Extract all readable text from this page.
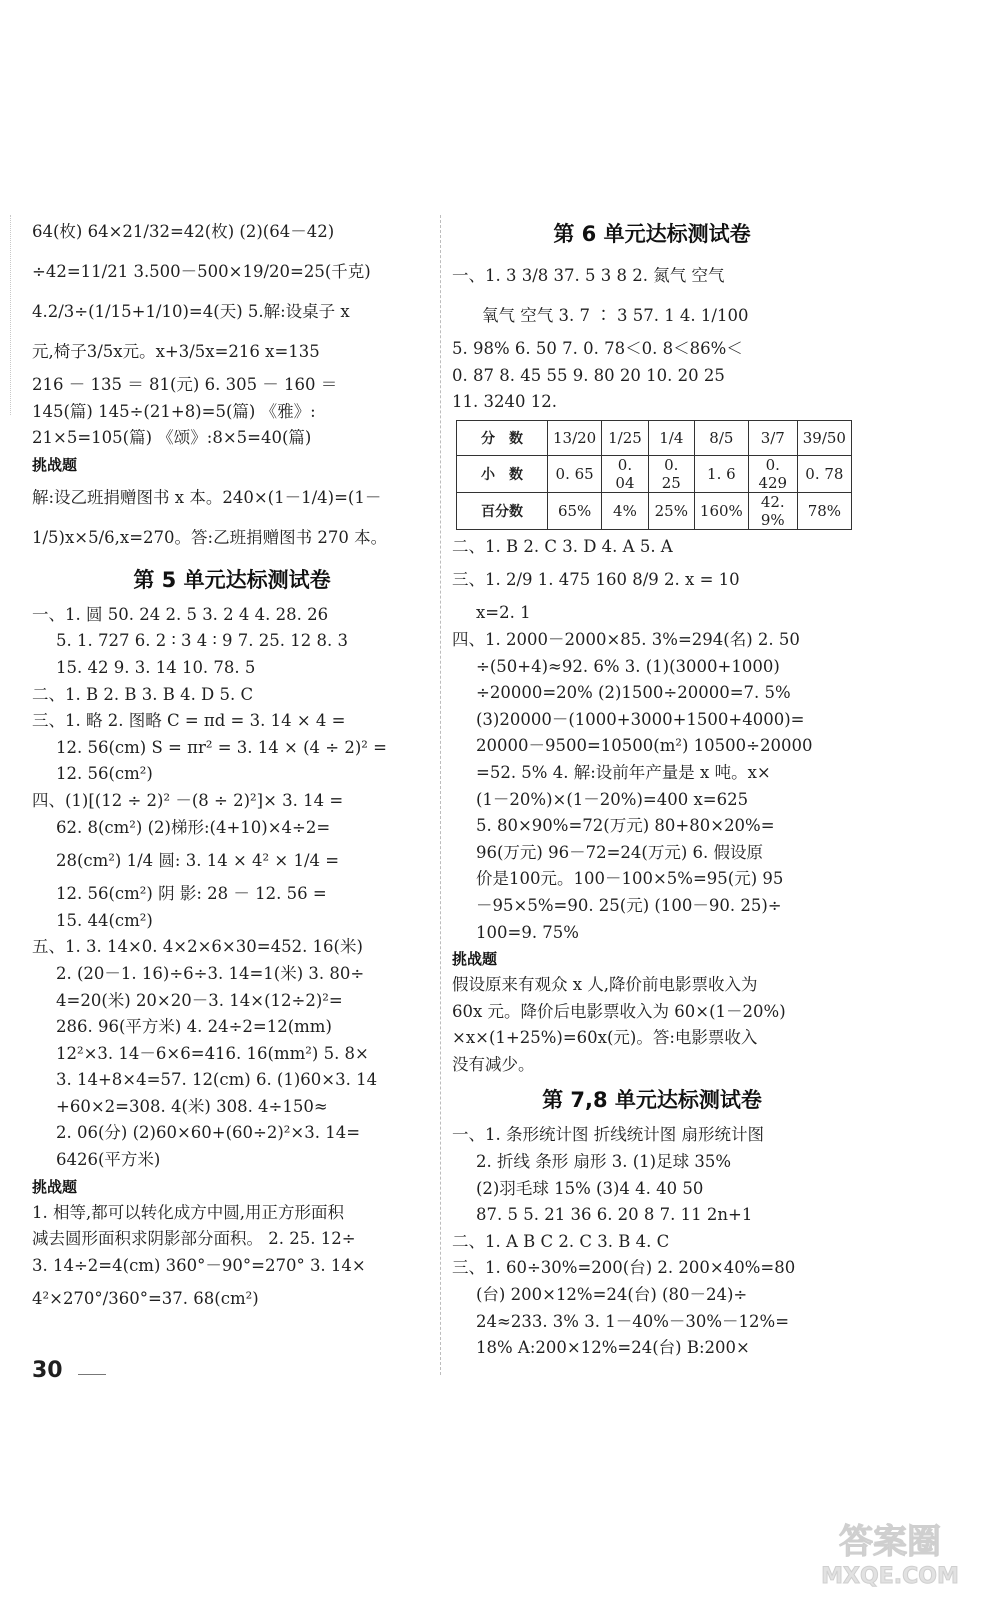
64(枚) 64×21/32=42(枚) (2)(64－42)
÷42=11/21 3.500－500×19/20=25(千克)
4.2/3÷(1/15+1/10)=4(天) 5.解:设桌子 x
元,椅子3/5x元。x+3/5x=216 x=135
216 － 135 ＝ 81(元) 6. 305 － 160 ＝
145(篇) 145÷(21+8)=5(篇) 《雅》:
21×5=105(篇) 《颂》:8×5=40(篇)
挑战题
解:设乙班捐赠图书 x 本。240×(1－1/4)=(1－
1/5)x×5/6,x=270。答:乙班捐赠图书 270 本。
第 5 单元达标测试卷
一、1. 圆 50. 24 2. 5 3. 2 4 4. 28. 26
5. 1. 727 6. 2 ∶ 3 4 ∶ 9 7. 25. 12 8. 3
15. 42 9. 3. 14 10. 78. 5
二、1. B 2. B 3. B 4. D 5. C
三、1. 略 2. 图略 C = πd = 3. 14 × 4 =
12. 56(cm) S = πr² = 3. 14 × (4 ÷ 2)² =
12. 56(cm²)
四、(1)[(12 ÷ 2)² －(8 ÷ 2)²]× 3. 14 =
62. 8(cm²) (2)梯形:(4+10)×4÷2=
28(cm²) 1/4 圆: 3. 14 × 4² × 1/4 =
12. 56(cm²) 阴 影: 28 － 12. 56 =
15. 44(cm²)
五、1. 3. 14×0. 4×2×6×30=452. 16(米)
2. (20－1. 16)÷6÷3. 14=1(米) 3. 80÷
4=20(米) 20×20－3. 14×(12÷2)²=
286. 96(平方米) 4. 24÷2=12(mm)
12²×3. 14－6×6=416. 16(mm²) 5. 8×
3. 14+8×4=57. 12(cm) 6. (1)60×3. 14
+60×2=308. 4(米) 308. 4÷150≈
2. 06(分) (2)60×60+(60÷2)²×3. 14=
6426(平方米)
挑战题
1. 相等,都可以转化成方中圆,用正方形面积
减去圆形面积求阴影部分面积。 2. 25. 12÷
3. 14÷2=4(cm) 360°－90°=270° 3. 14×
4²×270°/360°=37. 68(cm²)
第 6 单元达标测试卷
一、1. 3 3/8 37. 5 3 8 2. 氮气 空气
氧气 空气 3. 7 ∶ 3 57. 1 4. 1/100
5. 98% 6. 50 7. 0. 78＜0. 8＜86%＜
0. 87 8. 45 55 9. 80 20 10. 20 25
11. 3240 12.
分　数	13/20	1/25	1/4	8/5	3/7	39/50
小　数	0. 65	0. 04	0. 25	1. 6	0. 429	0. 78
百分数	65%	4%	25%	160%	42. 9%	78%
二、1. B 2. C 3. D 4. A 5. A
三、1. 2/9 1. 475 160 8/9 2. x = 10
x=2. 1
四、1. 2000－2000×85. 3%=294(名) 2. 50
÷(50+4)≈92. 6% 3. (1)(3000+1000)
÷20000=20% (2)1500÷20000=7. 5%
(3)20000－(1000+3000+1500+4000)=
20000－9500=10500(m²) 10500÷20000
=52. 5% 4. 解:设前年产量是 x 吨。x×
(1－20%)×(1－20%)=400 x=625
5. 80×90%=72(万元) 80+80×20%=
96(万元) 96－72=24(万元) 6. 假设原
价是100元。100－100×5%=95(元) 95
－95×5%=90. 25(元) (100－90. 25)÷
100=9. 75%
挑战题
假设原来有观众 x 人,降价前电影票收入为
60x 元。降价后电影票收入为 60×(1－20%)
×x×(1+25%)=60x(元)。答:电影票收入
没有减少。
第 7,8 单元达标测试卷
一、1. 条形统计图 折线统计图 扇形统计图
2. 折线 条形 扇形 3. (1)足球 35%
(2)羽毛球 15% (3)4 4. 40 50
87. 5 5. 21 36 6. 20 8 7. 11 2n+1
二、1. A B C 2. C 3. B 4. C
三、1. 60÷30%=200(台) 2. 200×40%=80
(台) 200×12%=24(台) (80－24)÷
24≈233. 3% 3. 1－40%－30%－12%=
18% A:200×12%=24(台) B:200×
30
答案圈
MXQE.COM
